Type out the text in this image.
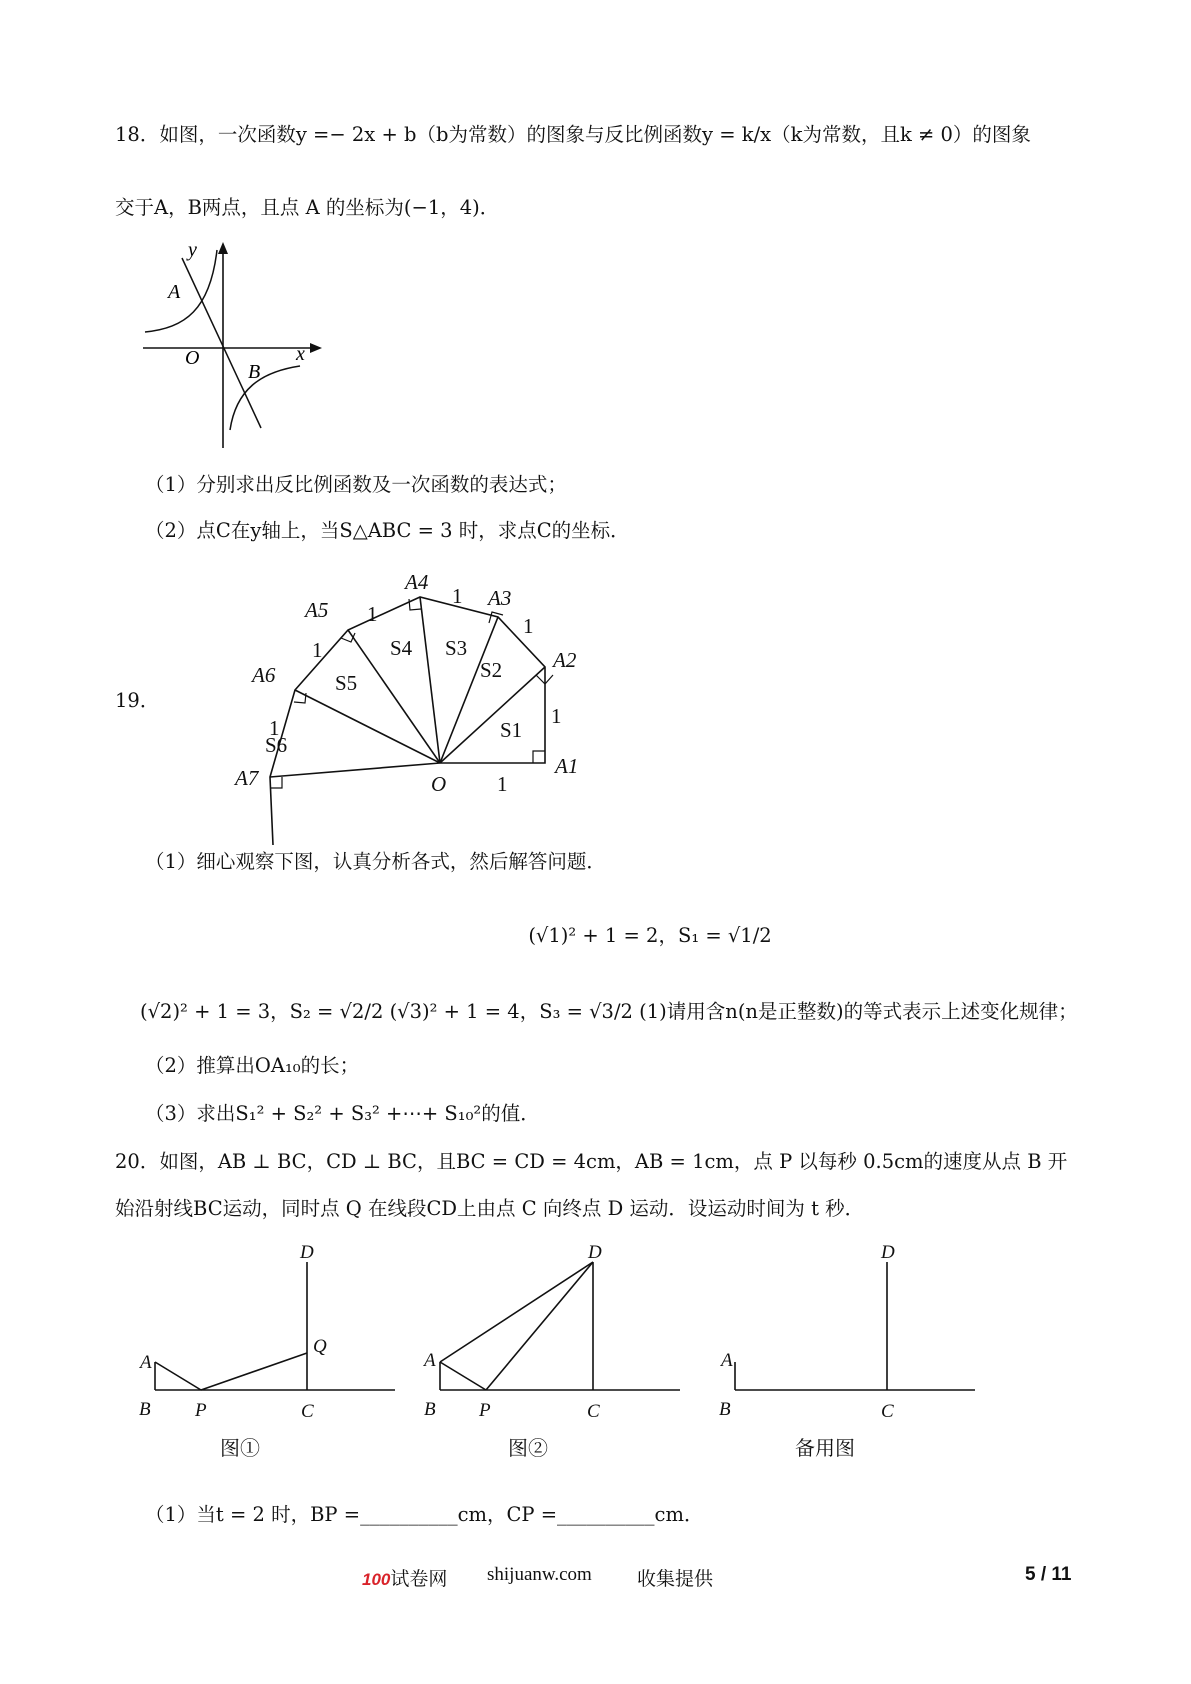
18．如图，一次函数y =− 2x + b（b为常数）的图象与反比例函数y = k/x（k为常数，且k ≠ 0）的图象
交于A，B两点，且点 A 的坐标为(−1，4)．
y
x
O
A
B
（1）分别求出反比例函数及一次函数的表达式；
（2）点C在y轴上，当S△ABC = 3 时，求点C的坐标．
19．
A1
A2
A3
A4
A5
A6
A7	O
S1
S2
S3
S4
S5
S6
1
1
1
1
1
1
1
（1）细心观察下图，认真分析各式，然后解答问题．
(√1)² + 1 = 2，S₁ = √1/2
(√2)² + 1 = 3，S₂ = √2/2 (√3)² + 1 = 4，S₃ = √3/2 (1)请用含n(n是正整数)的等式表示上述变化规律；
（2）推算出OA₁₀的长；
（3）求出S₁² + S₂² + S₃² +⋯+ S₁₀²的值．
20．如图，AB ⊥ BC，CD ⊥ BC，且BC = CD = 4cm，AB = 1cm，点 P 以每秒 0.5cm的速度从点 B 开
始沿射线BC运动，同时点 Q 在线段CD上由点 C 向终点 D 运动．设运动时间为 t 秒．
A
B	C
D
P
Q
图①
A
B	C
D
P
图②
A
B	C
D
备用图
（1）当t = 2 时，BP =__________cm，CP =__________cm．
100试卷网 shijuanw.com 收集提供	5 / 11
